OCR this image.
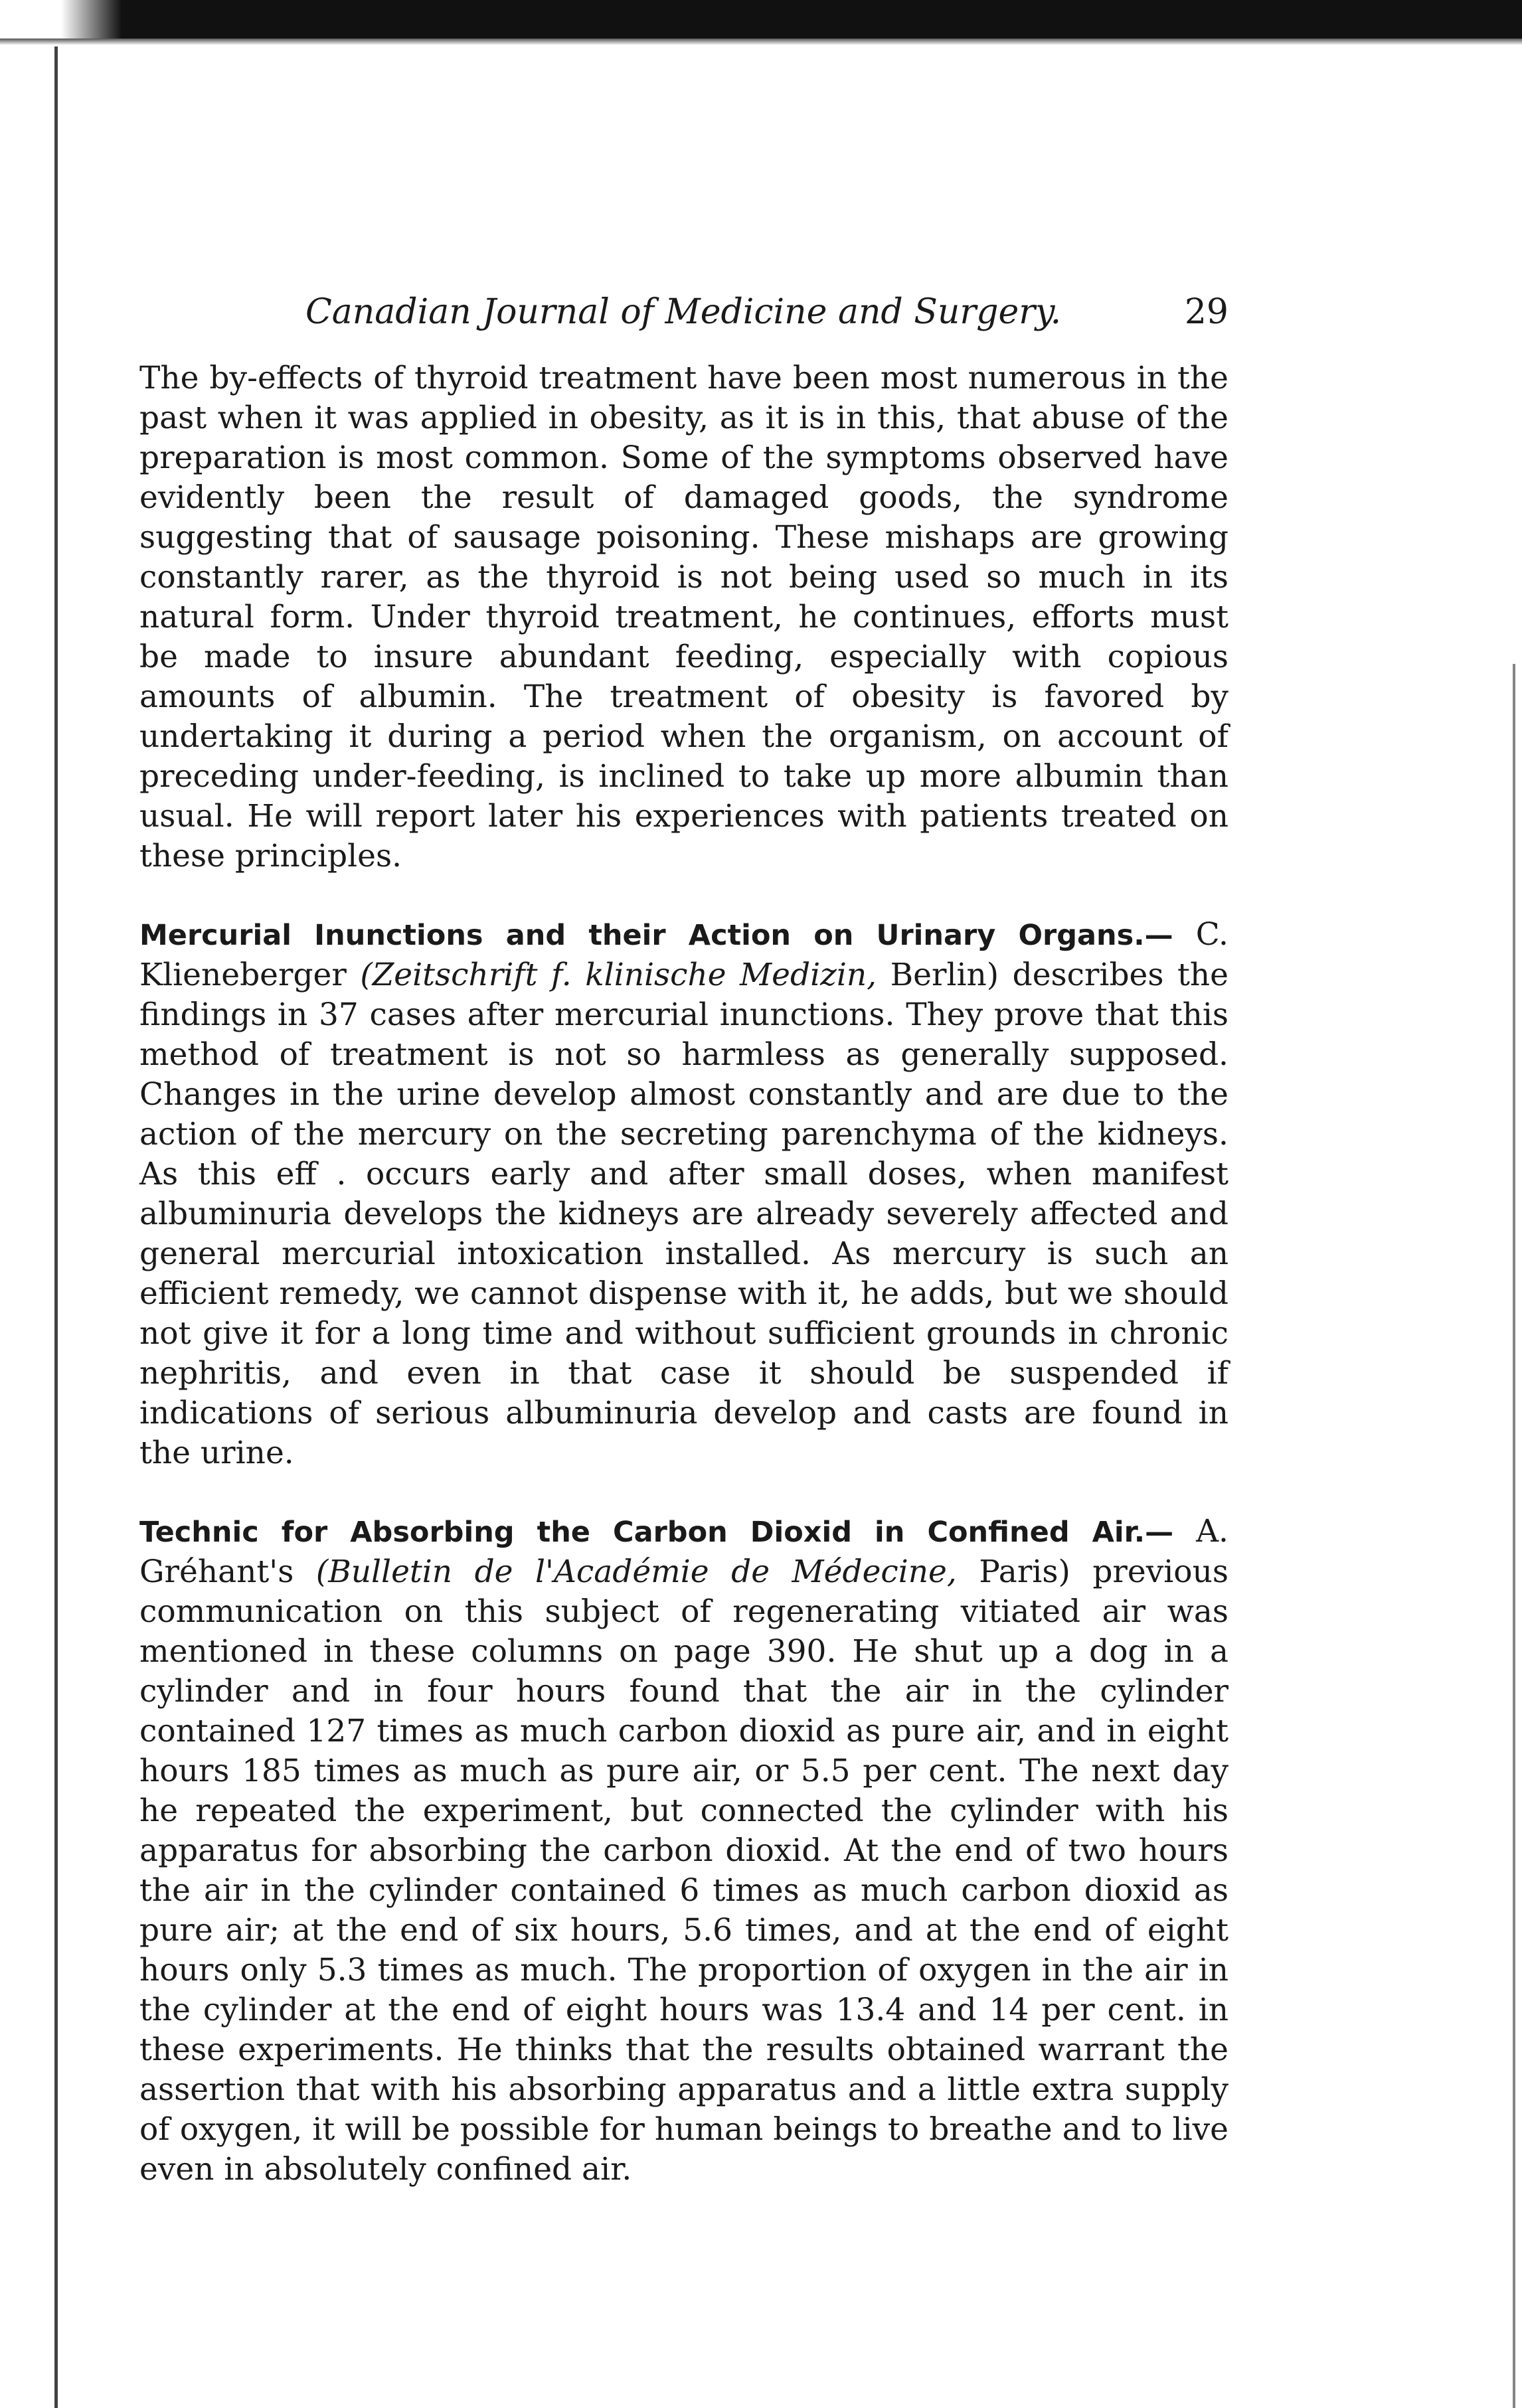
Canadian Journal of Medicine and Surgery.	29

The by-effects of thyroid treatment have been most numerous in the past when it was applied in obesity, as it is in this, that abuse of the preparation is most common. Some of the symptoms observed have evidently been the result of damaged goods, the syndrome suggesting that of sausage poisoning. These mishaps are growing constantly rarer, as the thyroid is not being used so much in its natural form. Under thyroid treatment, he continues, efforts must be made to insure abundant feeding, especially with copious amounts of albumin. The treatment of obesity is favored by undertaking it during a period when the organism, on account of preceding under-feeding, is inclined to take up more albumin than usual. He will report later his experiences with patients treated on these principles.

Mercurial Inunctions and their Action on Urinary Organs.— C. Klieneberger (Zeitschrift f. klinische Medizin, Berlin) describes the findings in 37 cases after mercurial inunctions. They prove that this method of treatment is not so harmless as generally supposed. Changes in the urine develop almost constantly and are due to the action of the mercury on the secreting parenchyma of the kidneys. As this eff . occurs early and after small doses, when manifest albuminuria develops the kidneys are already severely affected and general mercurial intoxication installed. As mercury is such an efficient remedy, we cannot dispense with it, he adds, but we should not give it for a long time and without sufficient grounds in chronic nephritis, and even in that case it should be suspended if indications of serious albuminuria develop and casts are found in the urine.

Technic for Absorbing the Carbon Dioxid in Confined Air.— A. Gréhant's (Bulletin de l'Académie de Médecine, Paris) previous communication on this subject of regenerating vitiated air was mentioned in these columns on page 390. He shut up a dog in a cylinder and in four hours found that the air in the cylinder contained 127 times as much carbon dioxid as pure air, and in eight hours 185 times as much as pure air, or 5.5 per cent. The next day he repeated the experiment, but connected the cylinder with his apparatus for absorbing the carbon dioxid. At the end of two hours the air in the cylinder contained 6 times as much carbon dioxid as pure air; at the end of six hours, 5.6 times, and at the end of eight hours only 5.3 times as much. The proportion of oxygen in the air in the cylinder at the end of eight hours was 13.4 and 14 per cent. in these experiments. He thinks that the results obtained warrant the assertion that with his absorbing apparatus and a little extra supply of oxygen, it will be possible for human beings to breathe and to live even in absolutely confined air.
